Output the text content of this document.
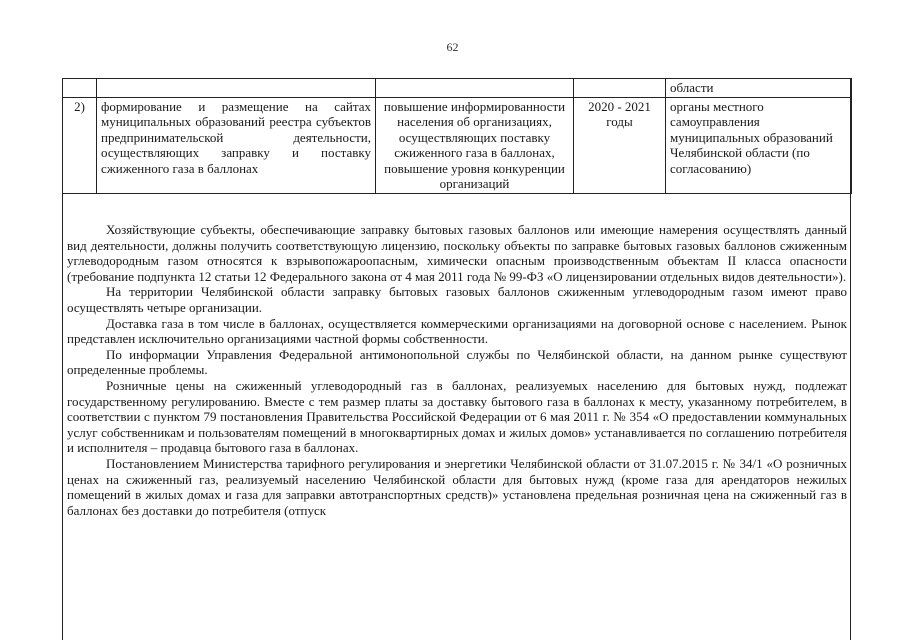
62
				области
2)	формирование и размещение на сайтах муниципальных образований реестра субъектов предпринимательской деятельности, осуществляющих заправку и поставку сжиженного газа в баллонах	повышение информированности населения об организациях, осуществляющих поставку сжиженного газа в баллонах, повышение уровня конкуренции организаций	2020 - 2021 годы	органы местного самоуправления муниципальных образований Челябинской области (по согласованию)

Хозяйствующие субъекты, обеспечивающие заправку бытовых газовых баллонов или имеющие намерения осуществлять данный вид деятельности, должны получить соответствующую лицензию, поскольку объекты по заправке бытовых газовых баллонов сжиженным углеводородным газом относятся к взрывопожароопасным, химически опасным производственным объектам II класса опасности (требование подпункта 12 статьи 12 Федерального закона от 4 мая 2011 года № 99-ФЗ «О лицензировании отдельных видов деятельности»).

На территории Челябинской области заправку бытовых газовых баллонов сжиженным углеводородным газом имеют право осуществлять четыре организации.

Доставка газа в том числе в баллонах, осуществляется коммерческими организациями на договорной основе с населением. Рынок представлен исключительно организациями частной формы собственности.

По информации Управления Федеральной антимонопольной службы по Челябинской области, на данном рынке существуют определенные проблемы.

Розничные цены на сжиженный углеводородный газ в баллонах, реализуемых населению для бытовых нужд, подлежат государственному регулированию. Вместе с тем размер платы за доставку бытового газа в баллонах к месту, указанному потребителем, в соответствии с пунктом 79 постановления Правительства Российской Федерации от 6 мая 2011 г. № 354 «О предоставлении коммунальных услуг собственникам и пользователям помещений в многоквартирных домах и жилых домов» устанавливается по соглашению потребителя и исполнителя – продавца бытового газа в баллонах.

Постановлением Министерства тарифного регулирования и энергетики Челябинской области от 31.07.2015 г. № 34/1 «О розничных ценах на сжиженный газ, реализуемый населению Челябинской области для бытовых нужд (кроме газа для арендаторов нежилых помещений в жилых домах и газа для заправки автотранспортных средств)» установлена предельная розничная цена на сжиженный газ в баллонах без доставки до потребителя (отпуск
